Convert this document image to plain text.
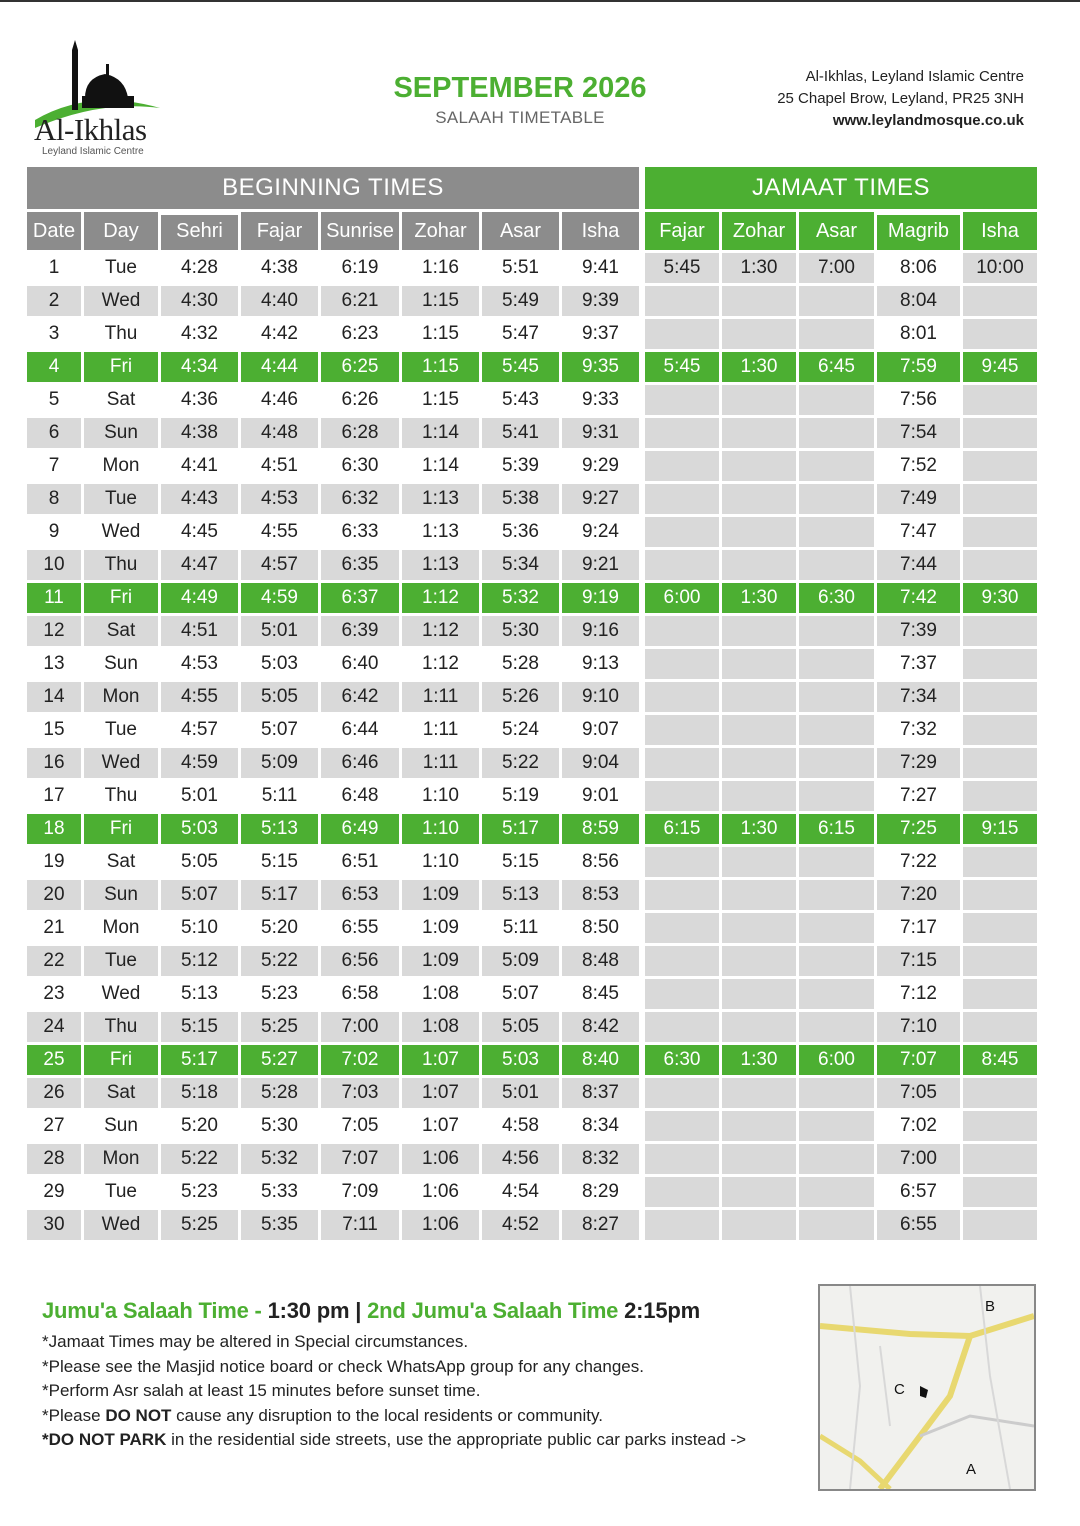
Al-Ikhlas
Leyland Islamic Centre
SEPTEMBER 2026
SALAAH TIMETABLE
Al-Ikhlas, Leyland Islamic Centre
25 Chapel Brow, Leyland, PR25 3NH
www.leylandmosque.co.uk
BEGINNING TIMES								JAMAAT TIMES				
Date	Day	Sehri	Fajar	Sunrise	Zohar	Asar	Isha	Fajar	Zohar	Asar	Magrib	Isha
1	Tue	4:28	4:38	6:19	1:16	5:51	9:41	5:45	1:30	7:00	8:06	10:00
2	Wed	4:30	4:40	6:21	1:15	5:49	9:39				8:04	
3	Thu	4:32	4:42	6:23	1:15	5:47	9:37				8:01	
4	Fri	4:34	4:44	6:25	1:15	5:45	9:35	5:45	1:30	6:45	7:59	9:45
5	Sat	4:36	4:46	6:26	1:15	5:43	9:33				7:56	
6	Sun	4:38	4:48	6:28	1:14	5:41	9:31				7:54	
7	Mon	4:41	4:51	6:30	1:14	5:39	9:29				7:52	
8	Tue	4:43	4:53	6:32	1:13	5:38	9:27				7:49	
9	Wed	4:45	4:55	6:33	1:13	5:36	9:24				7:47	
10	Thu	4:47	4:57	6:35	1:13	5:34	9:21				7:44	
11	Fri	4:49	4:59	6:37	1:12	5:32	9:19	6:00	1:30	6:30	7:42	9:30
12	Sat	4:51	5:01	6:39	1:12	5:30	9:16				7:39	
13	Sun	4:53	5:03	6:40	1:12	5:28	9:13				7:37	
14	Mon	4:55	5:05	6:42	1:11	5:26	9:10				7:34	
15	Tue	4:57	5:07	6:44	1:11	5:24	9:07				7:32	
16	Wed	4:59	5:09	6:46	1:11	5:22	9:04				7:29	
17	Thu	5:01	5:11	6:48	1:10	5:19	9:01				7:27	
18	Fri	5:03	5:13	6:49	1:10	5:17	8:59	6:15	1:30	6:15	7:25	9:15
19	Sat	5:05	5:15	6:51	1:10	5:15	8:56				7:22	
20	Sun	5:07	5:17	6:53	1:09	5:13	8:53				7:20	
21	Mon	5:10	5:20	6:55	1:09	5:11	8:50				7:17	
22	Tue	5:12	5:22	6:56	1:09	5:09	8:48				7:15	
23	Wed	5:13	5:23	6:58	1:08	5:07	8:45				7:12	
24	Thu	5:15	5:25	7:00	1:08	5:05	8:42				7:10	
25	Fri	5:17	5:27	7:02	1:07	5:03	8:40	6:30	1:30	6:00	7:07	8:45
26	Sat	5:18	5:28	7:03	1:07	5:01	8:37				7:05	
27	Sun	5:20	5:30	7:05	1:07	4:58	8:34				7:02	
28	Mon	5:22	5:32	7:07	1:06	4:56	8:32				7:00	
29	Tue	5:23	5:33	7:09	1:06	4:54	8:29				6:57	
30	Wed	5:25	5:35	7:11	1:06	4:52	8:27				6:55	
Jumu'a Salaah Time - 1:30 pm | 2nd Jumu'a Salaah Time 2:15pm
*Jamaat Times may be altered in Special circumstances.
*Please see the Masjid notice board or check WhatsApp group for any changes.
*Perform Asr salah at least 15 minutes before sunset time.
*Please DO NOT cause any disruption to the local residents or community.
*DO NOT PARK in the residential side streets, use the appropriate public car parks instead ->
B
C
A
